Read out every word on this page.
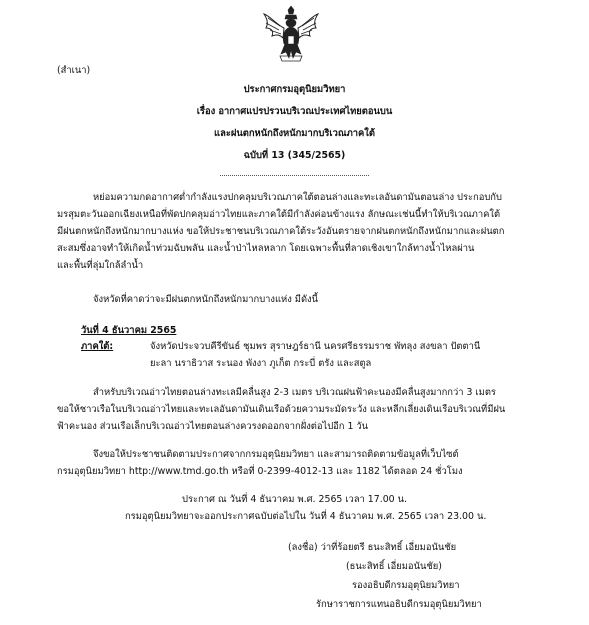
(สำเนา)
ประกาศกรมอุตุนิยมวิทยา
เรื่อง อากาศแปรปรวนบริเวณประเทศไทยตอนบน
และฝนตกหนักถึงหนักมากบริเวณภาคใต้
ฉบับที่ 13 (345/2565)
หย่อมความกดอากาศต่ำกำลังแรงปกคลุมบริเวณภาคใต้ตอนล่างและทะเลอันดามันตอนล่าง ประกอบกับ
มรสุมตะวันออกเฉียงเหนือที่พัดปกคลุมอ่าวไทยและภาคใต้มีกำลังค่อนข้างแรง ลักษณะเช่นนี้ทำให้บริเวณภาคใต้
มีฝนตกหนักถึงหนักมากบางแห่ง ขอให้ประชาชนบริเวณภาคใต้ระวังอันตรายจากฝนตกหนักถึงหนักมากและฝนตก
สะสมซึ่งอาจทำให้เกิดน้ำท่วมฉับพลัน และน้ำป่าไหลหลาก โดยเฉพาะพื้นที่ลาดเชิงเขาใกล้ทางน้ำไหลผ่าน
และพื้นที่ลุ่มใกล้ลำน้ำ
จังหวัดที่คาดว่าจะมีฝนตกหนักถึงหนักมากบางแห่ง มีดังนี้
วันที่ 4 ธันวาคม 2565
ภาคใต้:	จังหวัดประจวบคีรีขันธ์ ชุมพร สุราษฎร์ธานี นครศรีธรรมราช พัทลุง สงขลา ปัตตานี
ยะลา นราธิวาส ระนอง พังงา ภูเก็ต กระบี่ ตรัง และสตูล
สำหรับบริเวณอ่าวไทยตอนล่างทะเลมีคลื่นสูง 2-3 เมตร บริเวณฝนฟ้าคะนองมีคลื่นสูงมากกว่า 3 เมตร
ขอให้ชาวเรือในบริเวณอ่าวไทยและทะเลอันดามันเดินเรือด้วยความระมัดระวัง และหลีกเลี่ยงเดินเรือบริเวณที่มีฝน
ฟ้าคะนอง ส่วนเรือเล็กบริเวณอ่าวไทยตอนล่างควรงดออกจากฝั่งต่อไปอีก 1 วัน
จึงขอให้ประชาชนติดตามประกาศจากกรมอุตุนิยมวิทยา และสามารถติดตามข้อมูลที่เว็บไซต์
กรมอุตุนิยมวิทยา http://www.tmd.go.th หรือที่ 0-2399-4012-13 และ 1182 ได้ตลอด 24 ชั่วโมง
ประกาศ ณ วันที่ 4 ธันวาคม พ.ศ. 2565 เวลา 17.00 น.
กรมอุตุนิยมวิทยาจะออกประกาศฉบับต่อไปใน วันที่ 4 ธันวาคม พ.ศ. 2565 เวลา 23.00 น.
(ลงชื่อ) ว่าที่ร้อยตรี ธนะสิทธิ์ เอี่ยมอนันชัย
(ธนะสิทธิ์ เอี่ยมอนันชัย)
รองอธิบดีกรมอุตุนิยมวิทยา
รักษาราชการแทนอธิบดีกรมอุตุนิยมวิทยา
